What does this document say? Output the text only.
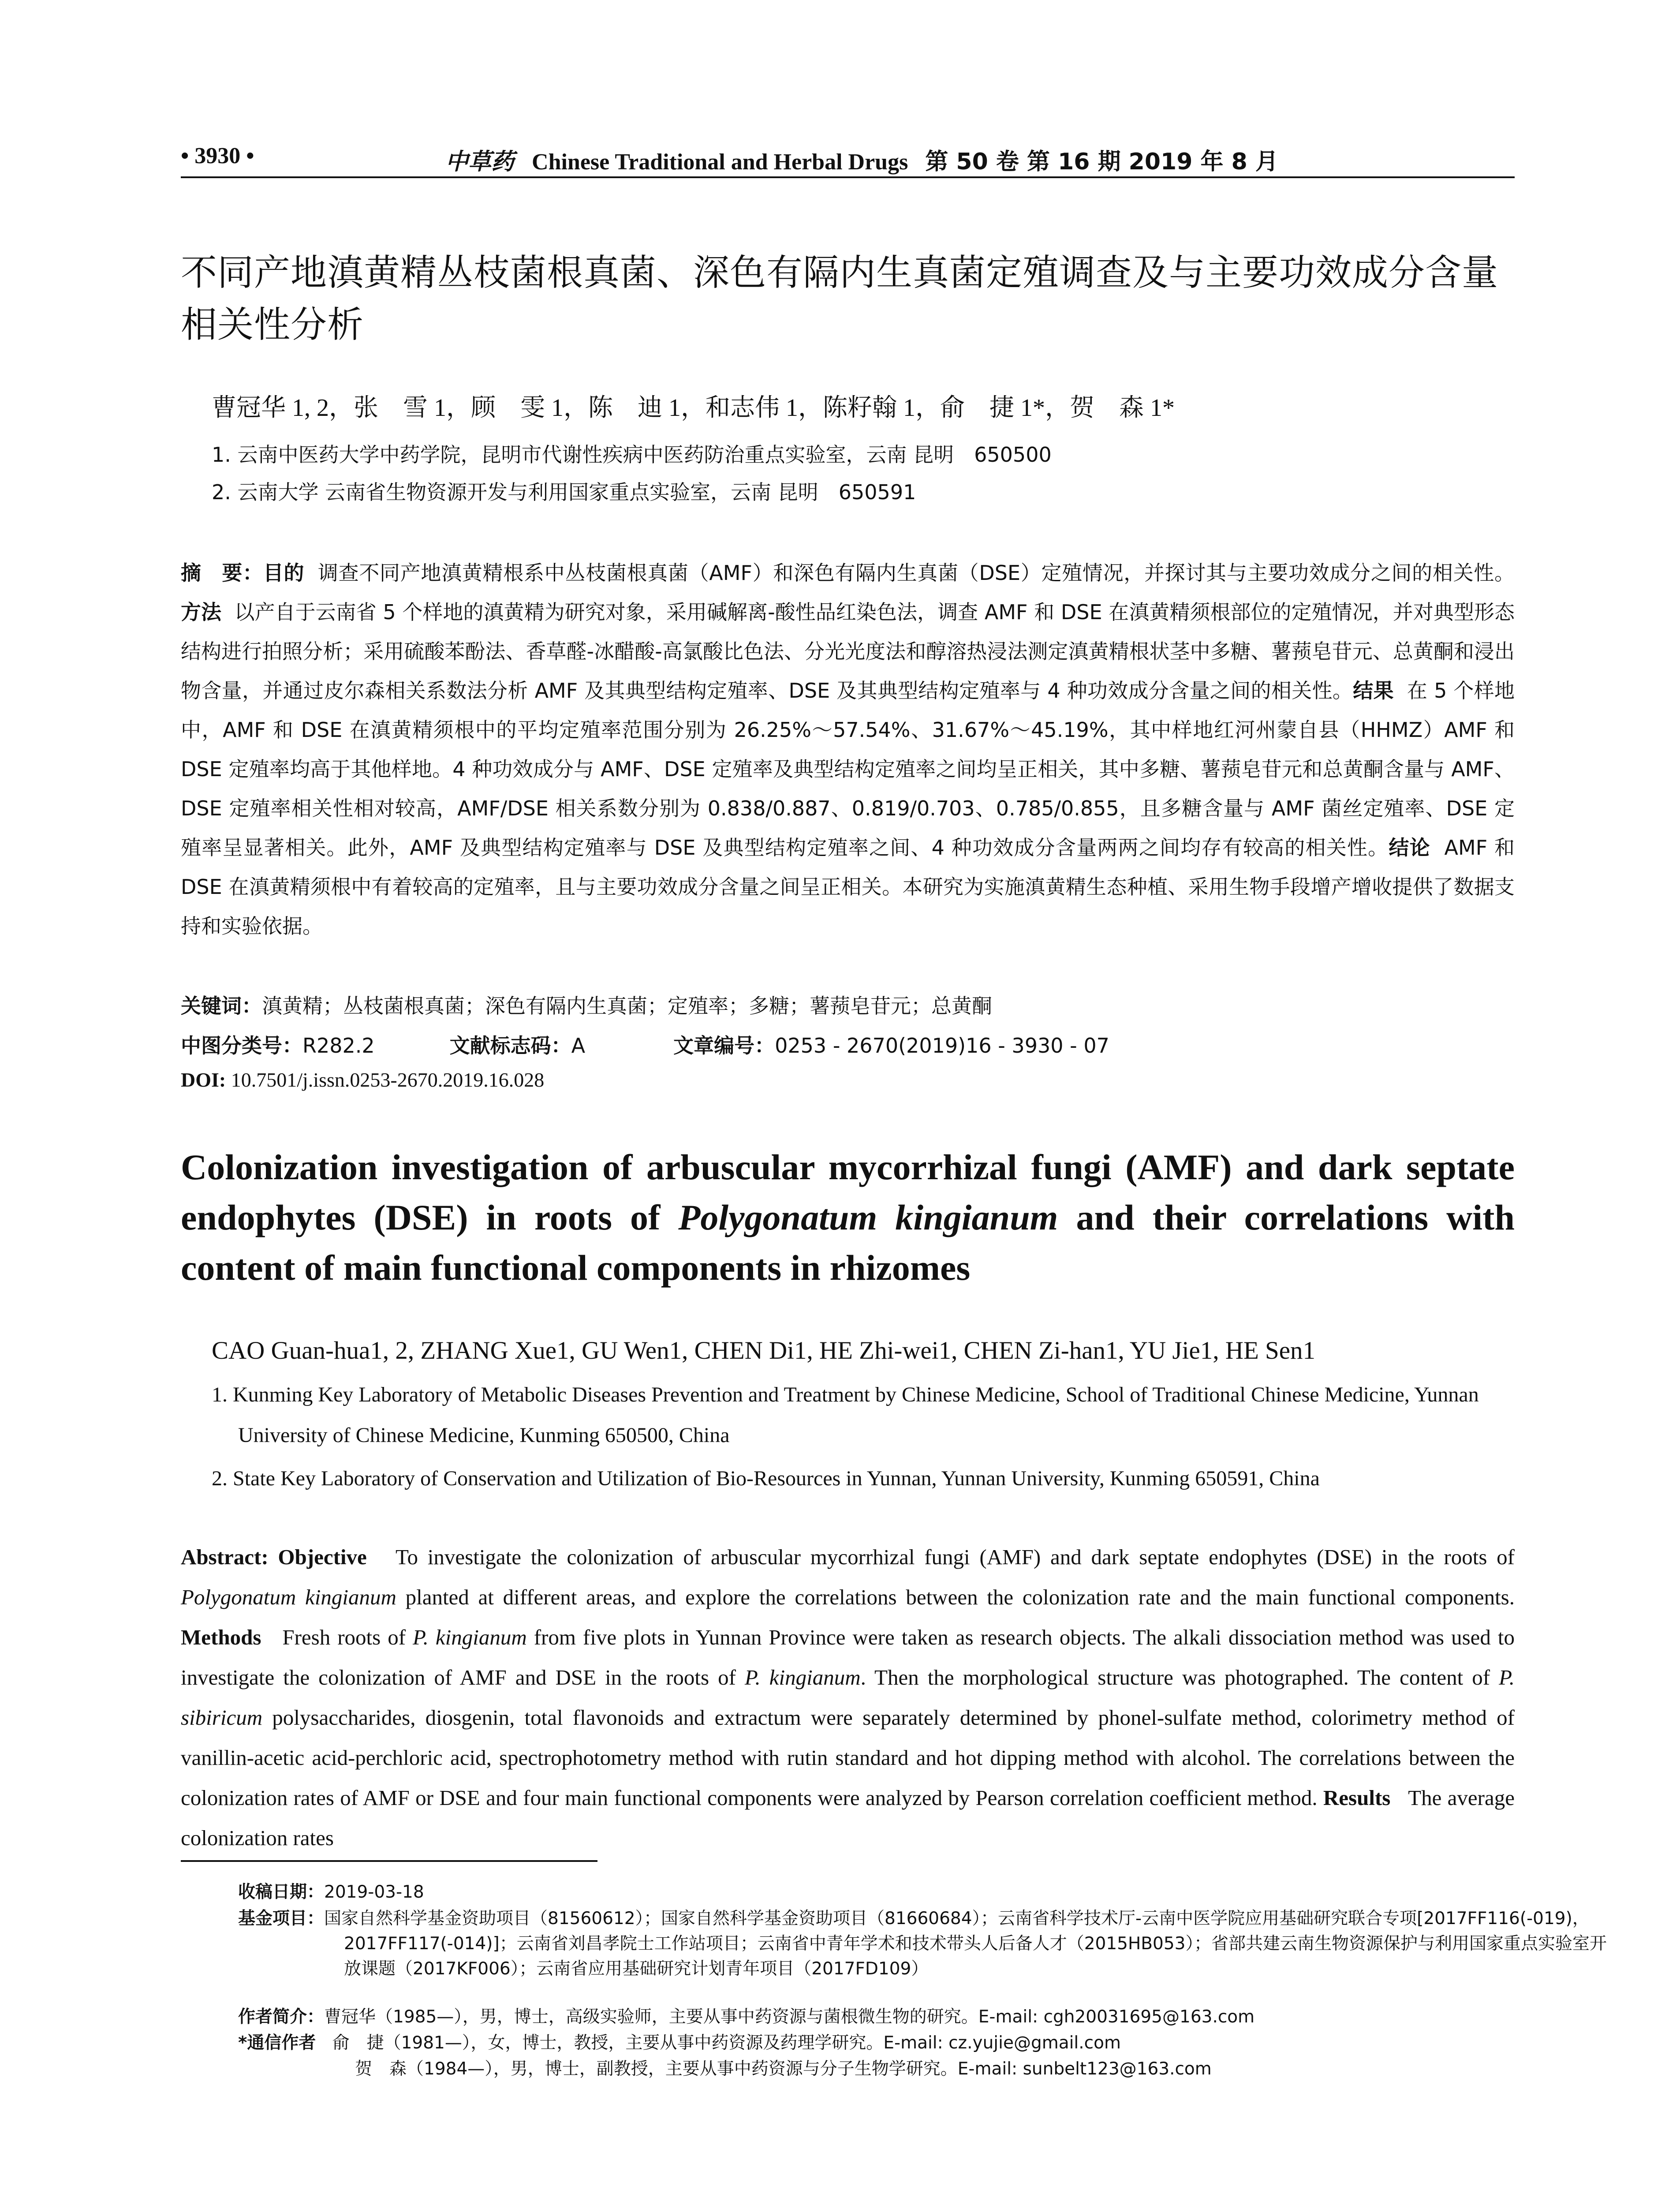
• 3930 •	中草药 Chinese Traditional and Herbal Drugs 第 50 卷 第 16 期 2019 年 8 月
不同产地滇黄精丛枝菌根真菌、深色有隔内生真菌定殖调查及与主要功效成分含量相关性分析
曹冠华 1, 2，张　雪 1，顾　雯 1，陈　迪 1，和志伟 1，陈籽翰 1，俞　捷 1*，贺　森 1*
1. 云南中医药大学中药学院，昆明市代谢性疾病中医药防治重点实验室，云南 昆明　650500
2. 云南大学 云南省生物资源开发与利用国家重点实验室，云南 昆明　650591
摘　要：目的 调查不同产地滇黄精根系中丛枝菌根真菌（AMF）和深色有隔内生真菌（DSE）定殖情况，并探讨其与主要功效成分之间的相关性。方法 以产自于云南省 5 个样地的滇黄精为研究对象，采用碱解离-酸性品红染色法，调查 AMF 和 DSE 在滇黄精须根部位的定殖情况，并对典型形态结构进行拍照分析；采用硫酸苯酚法、香草醛-冰醋酸-高氯酸比色法、分光光度法和醇溶热浸法测定滇黄精根状茎中多糖、薯蓣皂苷元、总黄酮和浸出物含量，并通过皮尔森相关系数法分析 AMF 及其典型结构定殖率、DSE 及其典型结构定殖率与 4 种功效成分含量之间的相关性。结果 在 5 个样地中，AMF 和 DSE 在滇黄精须根中的平均定殖率范围分别为 26.25%～57.54%、31.67%～45.19%，其中样地红河州蒙自县（HHMZ）AMF 和 DSE 定殖率均高于其他样地。4 种功效成分与 AMF、DSE 定殖率及典型结构定殖率之间均呈正相关，其中多糖、薯蓣皂苷元和总黄酮含量与 AMF、DSE 定殖率相关性相对较高，AMF/DSE 相关系数分别为 0.838/0.887、0.819/0.703、0.785/0.855，且多糖含量与 AMF 菌丝定殖率、DSE 定殖率呈显著相关。此外，AMF 及典型结构定殖率与 DSE 及典型结构定殖率之间、4 种功效成分含量两两之间均存有较高的相关性。结论 AMF 和 DSE 在滇黄精须根中有着较高的定殖率，且与主要功效成分含量之间呈正相关。本研究为实施滇黄精生态种植、采用生物手段增产增收提供了数据支持和实验依据。
关键词：滇黄精；丛枝菌根真菌；深色有隔内生真菌；定殖率；多糖；薯蓣皂苷元；总黄酮
中图分类号：R282.2	文献标志码：A	文章编号：0253 - 2670(2019)16 - 3930 - 07
DOI: 10.7501/j.issn.0253-2670.2019.16.028
Colonization investigation of arbuscular mycorrhizal fungi (AMF) and dark septate endophytes (DSE) in roots of Polygonatum kingianum and their correlations with content of main functional components in rhizomes
CAO Guan-hua1, 2, ZHANG Xue1, GU Wen1, CHEN Di1, HE Zhi-wei1, CHEN Zi-han1, YU Jie1, HE Sen1
1. Kunming Key Laboratory of Metabolic Diseases Prevention and Treatment by Chinese Medicine, School of Traditional Chinese Medicine, Yunnan University of Chinese Medicine, Kunming 650500, China
2. State Key Laboratory of Conservation and Utilization of Bio-Resources in Yunnan, Yunnan University, Kunming 650591, China
Abstract: Objective To investigate the colonization of arbuscular mycorrhizal fungi (AMF) and dark septate endophytes (DSE) in the roots of Polygonatum kingianum planted at different areas, and explore the correlations between the colonization rate and the main functional components. Methods Fresh roots of P. kingianum from five plots in Yunnan Province were taken as research objects. The alkali dissociation method was used to investigate the colonization of AMF and DSE in the roots of P. kingianum. Then the morphological structure was photographed. The content of P. sibiricum polysaccharides, diosgenin, total flavonoids and extractum were separately determined by phonel-sulfate method, colorimetry method of vanillin-acetic acid-perchloric acid, spectrophotometry method with rutin standard and hot dipping method with alcohol. The correlations between the colonization rates of AMF or DSE and four main functional components were analyzed by Pearson correlation coefficient method. Results The average colonization rates
收稿日期：2019-03-18
基金项目：国家自然科学基金资助项目（81560612）；国家自然科学基金资助项目（81660684）；云南省科学技术厅-云南中医学院应用基础研究联合专项[2017FF116(-019)，2017FF117(-014)]；云南省刘昌孝院士工作站项目；云南省中青年学术和技术带头人后备人才（2015HB053）；省部共建云南生物资源保护与利用国家重点实验室开放课题（2017KF006）；云南省应用基础研究计划青年项目（2017FD109）
作者简介：曹冠华（1985—），男，博士，高级实验师，主要从事中药资源与菌根微生物的研究。E-mail: cgh20031695@163.com
*通信作者 俞　捷（1981—），女，博士，教授，主要从事中药资源及药理学研究。E-mail: cz.yujie@gmail.com
贺　森（1984—），男，博士，副教授，主要从事中药资源与分子生物学研究。E-mail: sunbelt123@163.com
